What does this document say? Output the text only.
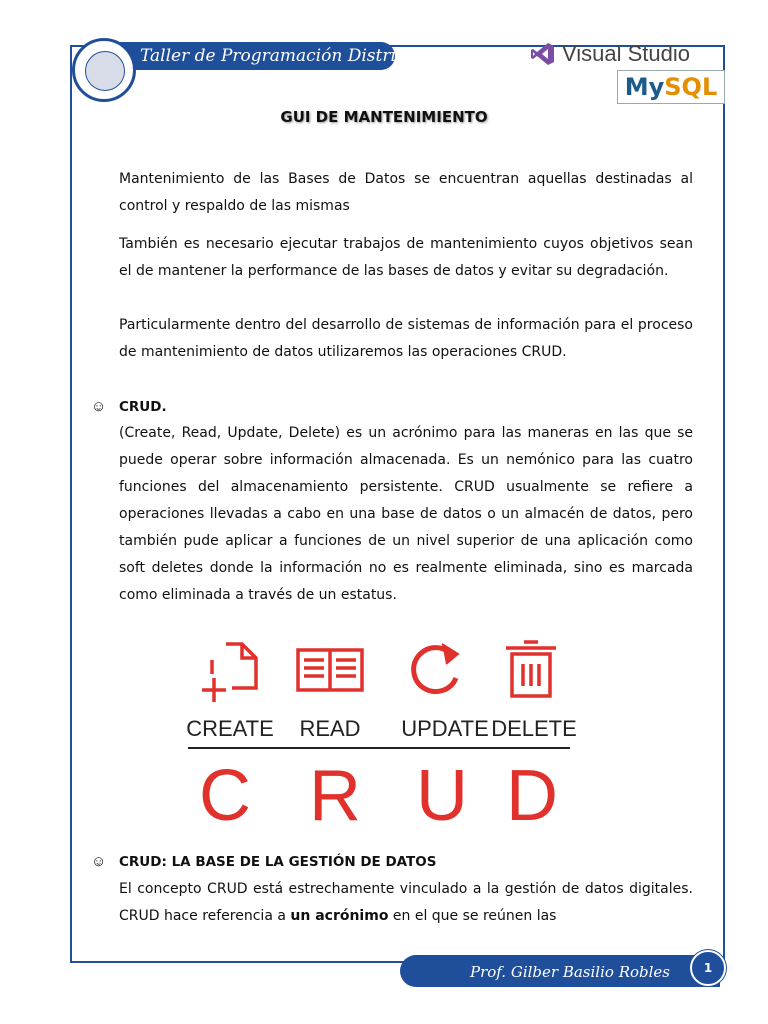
Taller de Programación Distribuida	Visual Studio
MySQL
GUI DE MANTENIMIENTO
Mantenimiento de las Bases de Datos se encuentran aquellas destinadas al control y respaldo de las mismas
También es necesario ejecutar trabajos de mantenimiento cuyos objetivos sean el de mantener la performance de las bases de datos y evitar su degradación.
Particularmente dentro del desarrollo de sistemas de información para el proceso de mantenimiento de datos utilizaremos las operaciones CRUD.
☺ CRUD.
(Create, Read, Update, Delete) es un acrónimo para las maneras en las que se puede operar sobre información almacenada. Es un nemónico para las cuatro funciones del almacenamiento persistente. CRUD usualmente se refiere a operaciones llevadas a cabo en una base de datos o un almacén de datos, pero también pude aplicar a funciones de un nivel superior de una aplicación como soft deletes donde la información no es realmente eliminada, sino es marcada como eliminada a través de un estatus.
CREATE READ UPDATE DELETE
C R U D
☺ CRUD: LA BASE DE LA GESTIÓN DE DATOS
El concepto CRUD está estrechamente vinculado a la gestión de datos digitales. CRUD hace referencia a un acrónimo en el que se reúnen las
Prof. Gilber Basilio Robles	1
